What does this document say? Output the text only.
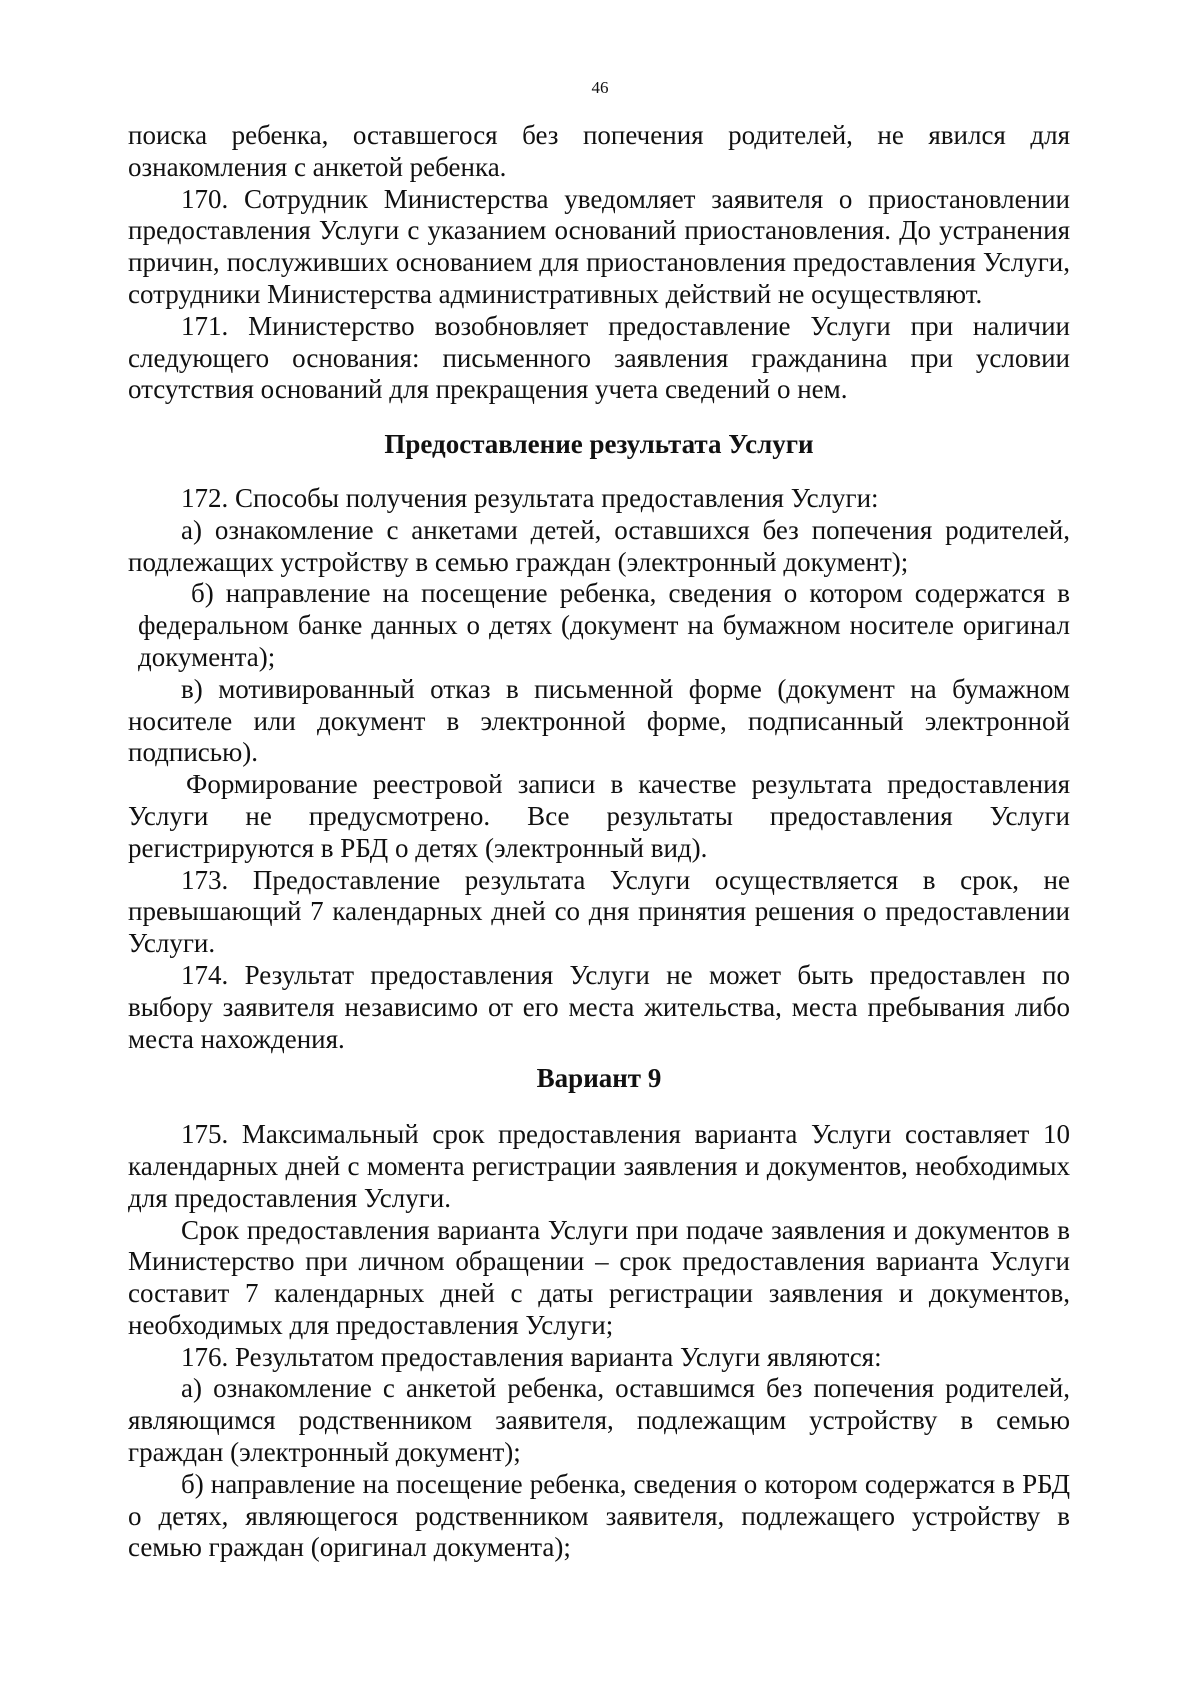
46

поиска ребенка, оставшегося без попечения родителей, не явился для ознакомления с анкетой ребенка.

170. Сотрудник Министерства уведомляет заявителя о приостановлении предоставления Услуги с указанием оснований приостановления. До устранения причин, послуживших основанием для приостановления предоставления Услуги, сотрудники Министерства административных действий не осуществляют.

171. Министерство возобновляет предоставление Услуги при наличии следующего основания: письменного заявления гражданина при условии отсутствия оснований для прекращения учета сведений о нем.

Предоставление результата Услуги

172. Способы получения результата предоставления Услуги:

а) ознакомление с анкетами детей, оставшихся без попечения родителей, подлежащих устройству в семью граждан (электронный документ);

б) направление на посещение ребенка, сведения о котором содержатся в федеральном банке данных о детях (документ на бумажном носителе оригинал документа);

в) мотивированный отказ в письменной форме (документ на бумажном носителе или документ в электронной форме, подписанный электронной подписью).

Формирование реестровой записи в качестве результата предоставления Услуги не предусмотрено. Все результаты предоставления Услуги регистрируются в РБД о детях (электронный вид).

173. Предоставление результата Услуги осуществляется в срок, не превышающий 7 календарных дней со дня принятия решения о предоставлении Услуги.

174. Результат предоставления Услуги не может быть предоставлен по выбору заявителя независимо от его места жительства, места пребывания либо места нахождения.

Вариант 9

175. Максимальный срок предоставления варианта Услуги составляет 10 календарных дней с момента регистрации заявления и документов, необходимых для предоставления Услуги.

Срок предоставления варианта Услуги при подаче заявления и документов в Министерство при личном обращении – срок предоставления варианта Услуги составит 7 календарных дней с даты регистрации заявления и документов, необходимых для предоставления Услуги;

176. Результатом предоставления варианта Услуги являются:

а) ознакомление с анкетой ребенка, оставшимся без попечения родителей, являющимся родственником заявителя, подлежащим устройству в семью граждан (электронный документ);

б) направление на посещение ребенка, сведения о котором содержатся в РБД о детях, являющегося родственником заявителя, подлежащего устройству в семью граждан (оригинал документа);
